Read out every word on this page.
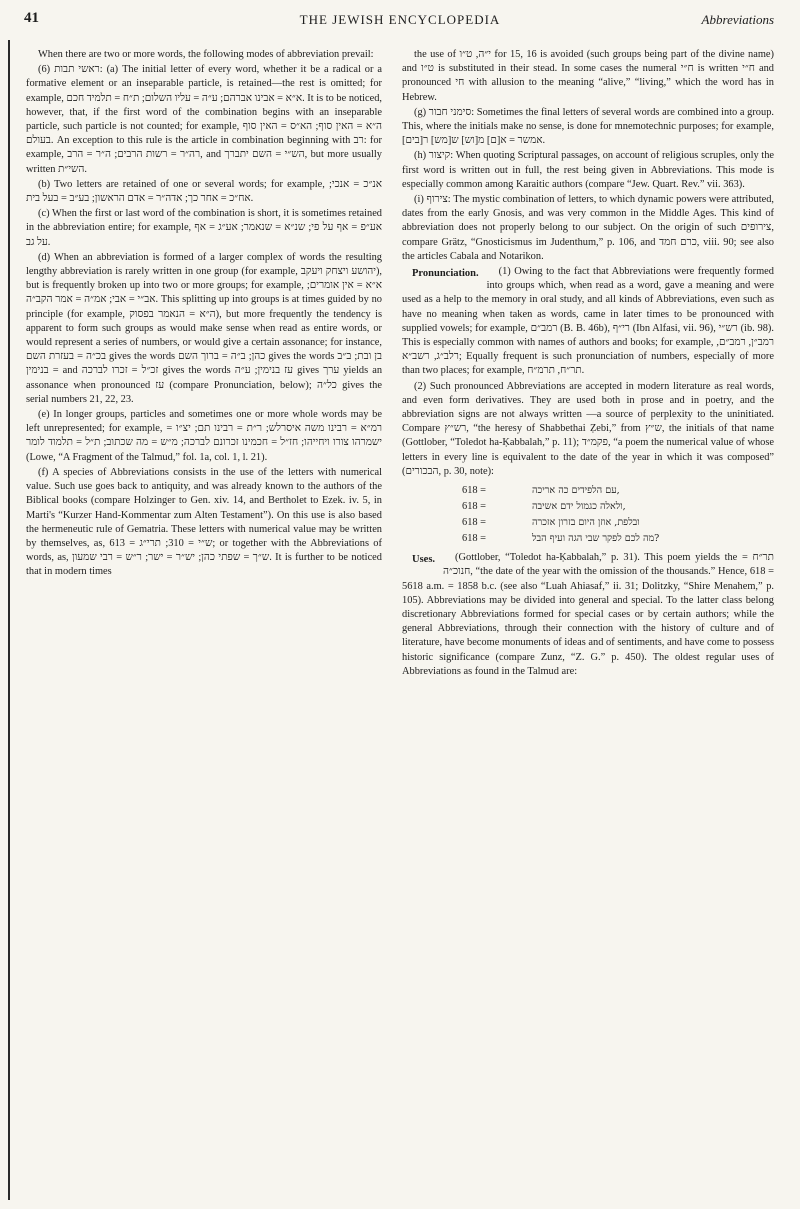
41	THE JEWISH ENCYCLOPEDIA	Abbreviations

When there are two or more words, the following modes of abbreviation prevail:

(6) ראשי תבות: (a) The initial letter of every word, whether it be a radical or a formative element or an inseparable particle, is retained—the rest is omitted; for example, א״א = אבינו אברהם; ע״ה = עליו השלום; ת״ח = תלמיד חכם. It is to be noticed, however, that, if the first word of the combination begins with an inseparable particle, such particle is not counted; for example, ה״א = האין סוף; הא״ס = האין סוף בעולם. An exception to this rule is the article in combination beginning with רב: for example, רה״ר = רשות הרבים; ה״ר = הרב, and הש״י = השם יתברך, but more usually written השי״ת.

(b) Two letters are retained of one or several words; for example, אנ״כ = אנכי; אח״כ = אחר כך; אדה״ר = אדם הראשון; בע״ב = בעל בית.

(c) When the first or last word of the combination is short, it is sometimes retained in the abbreviation entire; for example, אע״פ = אף על פי; שנ״א = שנאמר; אע״ג = אף על גב.

(d) When an abbreviation is formed of a larger complex of words the resulting lengthy abbreviation is rarely written in one group (for example, יהושע ויצחק ויעקב), but is frequently broken up into two or more groups; for example, א״א = אין אומרים; אב״י = אבי; אמ״ה = אמר הקב״ה. This splitting up into groups is at times guided by no principle (for example, ה״א = הנאמר בפסוק), but more frequently the tendency is apparent to form such groups as would make sense when read as entire words, or would represent a series of numbers, or would give a certain assonance; for instance, בכ״ה = בעזרת השם gives the words כהן; ב״ה = ברוך השם gives the words בן ובת; ב״ב = בנימין and זכ״ל = זכרו לברכה gives the words עז בנימין; ע״ה gives ערך yields an assonance when pronounced עז (compare Pronunciation, below); כל״ה gives the serial numbers 21, 22, 23.

(e) In longer groups, particles and sometimes one or more whole words may be left unrepresented; for example, רמ״א = רבינו משה איסרלש; ר״ת = רבינו תם; יצ״ו = ישמרהו צורו ויחייהו; חז״ל = חכמינו זכרונם לברכה; מ״ש = מה שכתוב; ת״ל = תלמוד לומר (Lowe, “A Fragment of the Talmud,” fol. 1a, col. 1, l. 21).

(f) A species of Abbreviations consists in the use of the letters with numerical value. Such use goes back to antiquity, and was already known to the authors of the Biblical books (compare Holzinger to Gen. xiv. 14, and Bertholet to Ezek. iv. 5, in Marti's “Kurzer Hand-Kommentar zum Alten Testament”). On this use is also based the hermeneutic rule of Gematria. These letters with numerical value may be written by themselves, as, ש״י = 310; תרי״ג = 613; or together with the Abbreviations of words, as, ש״ך = שפתי כהן; יש״ר = ישר; ר״ש = רבי שמעון. It is further to be noticed that in modern times

the use of י״ה, ט״ו for 15, 16 is avoided (such groups being part of the divine name) and ט״ו is substituted in their stead. In some cases the numeral ח״י is written ח״י and pronounced חי with allusion to the meaning “alive,” “living,” which the word has in Hebrew.

(g) סימני חבור: Sometimes the final letters of several words are combined into a group. This, where the initials make no sense, is done for mnemotechnic purposes; for example, אמשר = א[ם] מ[וש] ש[מש] ר[בים].

(h) קיצור: When quoting Scriptural passages, on account of religious scruples, only the first word is written out in full, the rest being given in Abbreviations. This mode is especially common among Karaitic authors (compare “Jew. Quart. Rev.” vii. 363).

(i) צירוף: The mystic combination of letters, to which dynamic powers were attributed, dates from the early Gnosis, and was very common in the Middle Ages. This kind of abbreviation does not properly belong to our subject. On the origin of such צירופים, compare Grätz, “Gnosticismus im Judenthum,” p. 106, and כרם חמד, viii. 90; see also the articles Cabala and Notarikon.

Pronunciation. (1) Owing to the fact that Abbreviations were frequently formed into groups which, when read as a word, gave a meaning and were used as a help to the memory in oral study, and all kinds of Abbreviations, even such as have no meaning when taken as words, came in later times to be pronounced with supplied vowels; for example, רמב״ם (B. B. 46b), רי״ף (Ibn Alfasi, vii. 96), רש״י (ib. 98). This is especially common with names of authors and books; for example, רמב״ן, רמב״ם, רלב״ג, רשב״א; Equally frequent is such pronunciation of numbers, especially of more than two places; for example, תר״ח, תרמ״ח.

(2) Such pronounced Abbreviations are accepted in modern literature as real words, and even form derivatives. They are used both in prose and in poetry, and the abbreviation signs are not always written —a source of perplexity to the uninitiated. Compare רש״ץ, “the heresy of Shabbethai Ẓebi,” from ש״ץ, the initials of that name (Gottlober, “Toledot ha-Ḳabbalah,” p. 11); פקמ״ד, “a poem the numerical value of whose letters in every line is equivalent to the date of the year in which it was composed” (הבכורים, p. 30, note):

618 =	עם הלפידים כה אריכה,
618 =	ולאלה כגמול ידם אשיבה,
618 =	ובלפת, אוזן היום בזרון אזכרה
618 =	מה לכם לפקר שבי הגה ועיף הבל?

Uses. (Gottlober, “Toledot ha-Ḳabbalah,” p. 31). This poem yields the תר״ח = חנוכ״ה, “the date of the year with the omission of the thousands.” Hence, 618 = 5618 a.m. = 1858 b.c. (see also “Luah Ahiasaf,” ii. 31; Dolitzky, “Shire Menahem,” p. 105). Abbreviations may be divided into general and special. To the latter class belong discretionary Abbreviations formed for special cases or by certain authors; while the general Abbreviations, through their connection with the history of culture and of literature, have become monuments of ideas and of sentiments, and have come to possess historic significance (compare Zunz, “Z. G.” p. 450). The oldest regular uses of Abbreviations as found in the Talmud are:
